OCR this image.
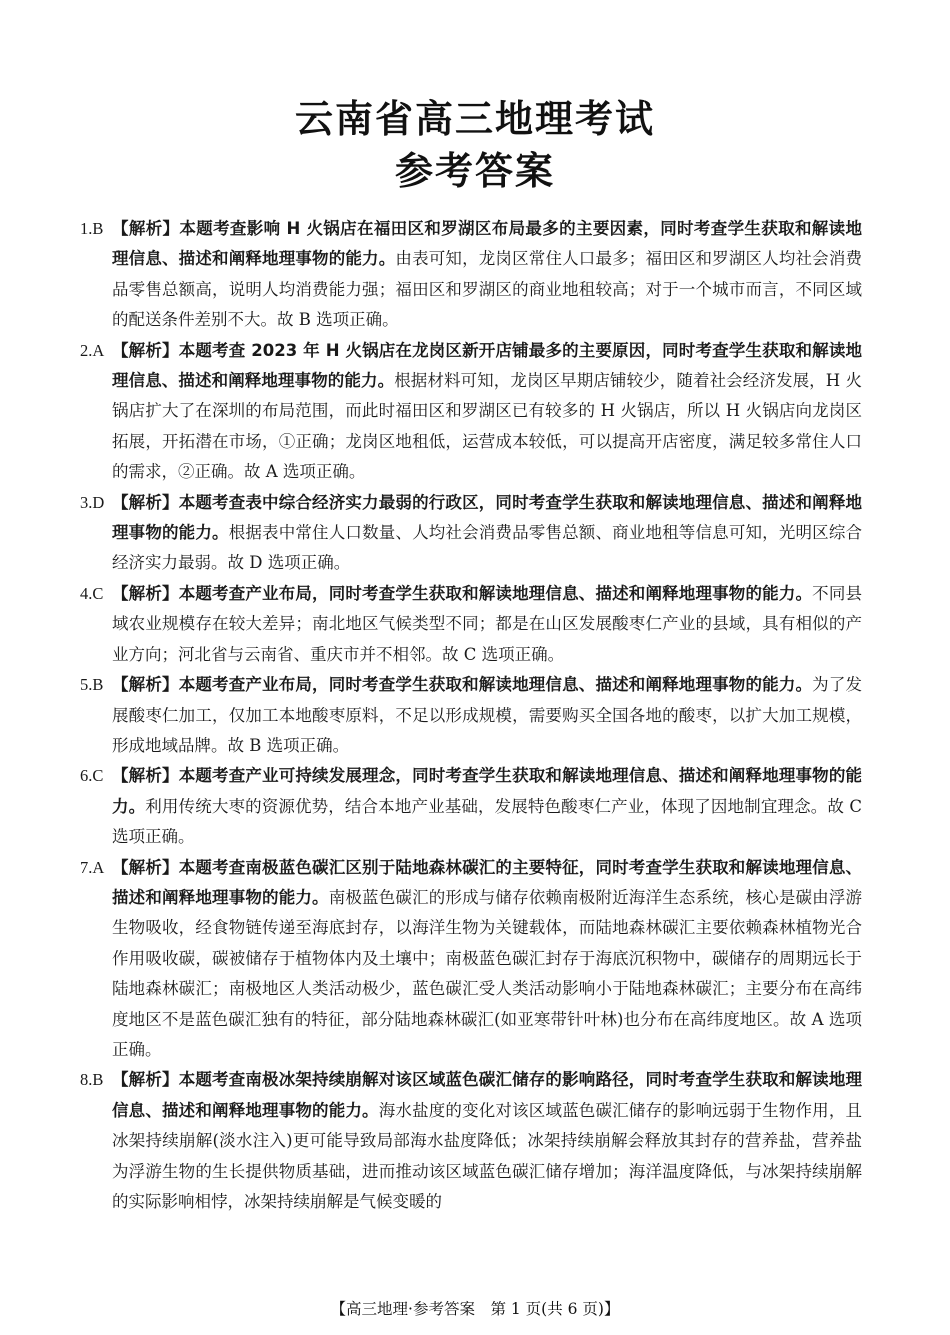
云南省高三地理考试
参考答案
1.B 【解析】本题考查影响 H 火锅店在福田区和罗湖区布局最多的主要因素，同时考查学生获取和解读地理信息、描述和阐释地理事物的能力。由表可知，龙岗区常住人口最多；福田区和罗湖区人均社会消费品零售总额高，说明人均消费能力强；福田区和罗湖区的商业地租较高；对于一个城市而言，不同区域的配送条件差别不大。故 B 选项正确。
2.A 【解析】本题考查 2023 年 H 火锅店在龙岗区新开店铺最多的主要原因，同时考查学生获取和解读地理信息、描述和阐释地理事物的能力。根据材料可知，龙岗区早期店铺较少，随着社会经济发展，H 火锅店扩大了在深圳的布局范围，而此时福田区和罗湖区已有较多的 H 火锅店，所以 H 火锅店向龙岗区拓展，开拓潜在市场，①正确；龙岗区地租低，运营成本较低，可以提高开店密度，满足较多常住人口的需求，②正确。故 A 选项正确。
3.D 【解析】本题考查表中综合经济实力最弱的行政区，同时考查学生获取和解读地理信息、描述和阐释地理事物的能力。根据表中常住人口数量、人均社会消费品零售总额、商业地租等信息可知，光明区综合经济实力最弱。故 D 选项正确。
4.C 【解析】本题考查产业布局，同时考查学生获取和解读地理信息、描述和阐释地理事物的能力。不同县域农业规模存在较大差异；南北地区气候类型不同；都是在山区发展酸枣仁产业的县域，具有相似的产业方向；河北省与云南省、重庆市并不相邻。故 C 选项正确。
5.B 【解析】本题考查产业布局，同时考查学生获取和解读地理信息、描述和阐释地理事物的能力。为了发展酸枣仁加工，仅加工本地酸枣原料，不足以形成规模，需要购买全国各地的酸枣，以扩大加工规模，形成地域品牌。故 B 选项正确。
6.C 【解析】本题考查产业可持续发展理念，同时考查学生获取和解读地理信息、描述和阐释地理事物的能力。利用传统大枣的资源优势，结合本地产业基础，发展特色酸枣仁产业，体现了因地制宜理念。故 C 选项正确。
7.A 【解析】本题考查南极蓝色碳汇区别于陆地森林碳汇的主要特征，同时考查学生获取和解读地理信息、描述和阐释地理事物的能力。南极蓝色碳汇的形成与储存依赖南极附近海洋生态系统，核心是碳由浮游生物吸收，经食物链传递至海底封存，以海洋生物为关键载体，而陆地森林碳汇主要依赖森林植物光合作用吸收碳，碳被储存于植物体内及土壤中；南极蓝色碳汇封存于海底沉积物中，碳储存的周期远长于陆地森林碳汇；南极地区人类活动极少，蓝色碳汇受人类活动影响小于陆地森林碳汇；主要分布在高纬度地区不是蓝色碳汇独有的特征，部分陆地森林碳汇(如亚寒带针叶林)也分布在高纬度地区。故 A 选项正确。
8.B 【解析】本题考查南极冰架持续崩解对该区域蓝色碳汇储存的影响路径，同时考查学生获取和解读地理信息、描述和阐释地理事物的能力。海水盐度的变化对该区域蓝色碳汇储存的影响远弱于生物作用，且冰架持续崩解(淡水注入)更可能导致局部海水盐度降低；冰架持续崩解会释放其封存的营养盐，营养盐为浮游生物的生长提供物质基础，进而推动该区域蓝色碳汇储存增加；海洋温度降低，与冰架持续崩解的实际影响相悖，冰架持续崩解是气候变暖的
【高三地理·参考答案　第 1 页(共 6 页)】
